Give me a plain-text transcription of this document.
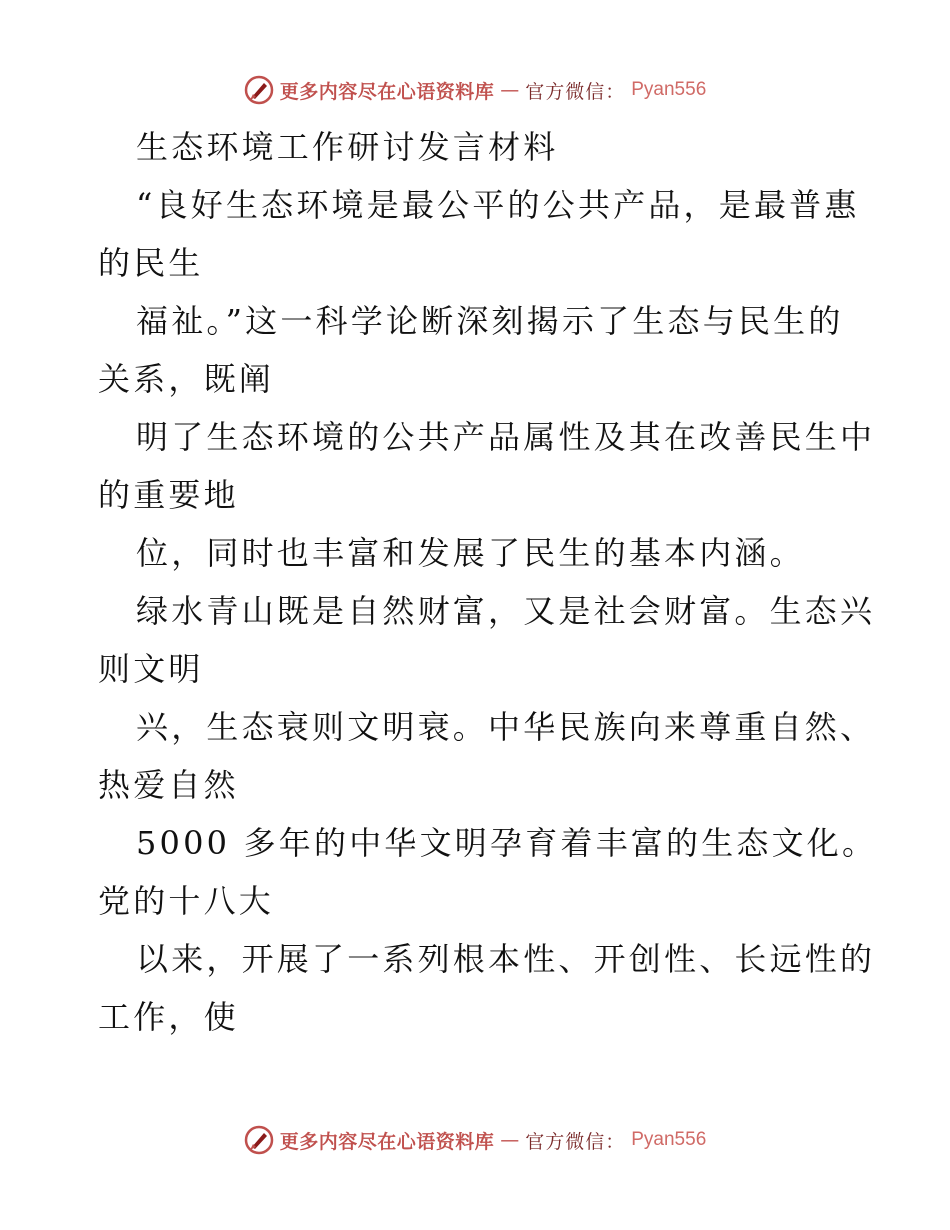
更多内容尽在心语资料库 — 官方微信： Pyan556

生态环境工作研讨发言材料

“良好生态环境是最公平的公共产品，是最普惠

的民生

福祉。”这一科学论断深刻揭示了生态与民生的

关系，既阐

明了生态环境的公共产品属性及其在改善民生中

的重要地

位，同时也丰富和发展了民生的基本内涵。

绿水青山既是自然财富，又是社会财富。生态兴

则文明

兴，生态衰则文明衰。中华民族向来尊重自然、

热爱自然

5000 多年的中华文明孕育着丰富的生态文化。

党的十八大

以来，开展了一系列根本性、开创性、长远性的

工作，使

更多内容尽在心语资料库 — 官方微信： Pyan556
